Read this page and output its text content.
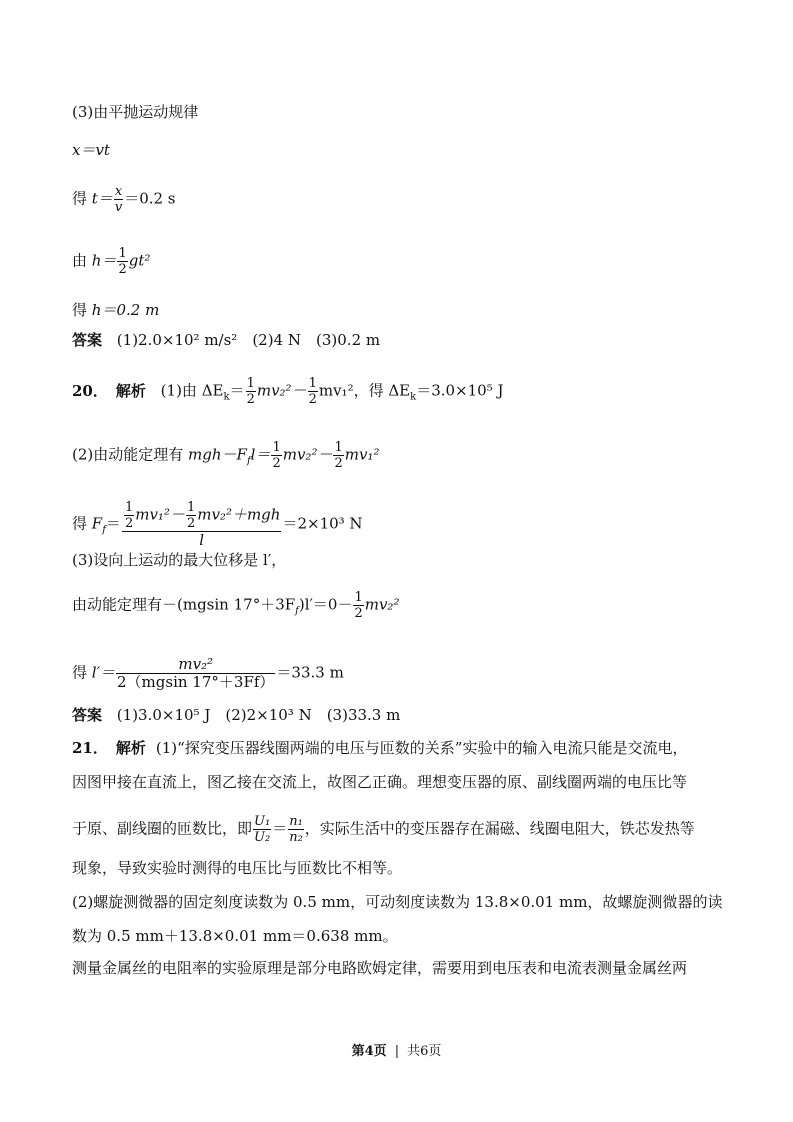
(3)由平抛运动规律
x＝vt
得 $t= \frac{x}{v} =0.2$ s
由 $h= \frac{1}{2} gt^2$
得 h＝0.2 m
答案 (1)2.0×10² m/s²　(2)4 N　(3)0.2 m
20． 解析 (1)由 $\Delta E_k= \frac{1}{2} mv_2^2- \frac{1}{2} mv_1^2$，得 $\Delta E_k=3.0\times 10^5$ J
(2)由动能定理有 $mgh-F_fl= \frac{1}{2} mv_2^2- \frac{1}{2} mv_1^2$
得 $F_f= \frac{1}{2} mv_1^2- \frac{1}{2} mv_2^2+mgh$
l
＝2×10³ N
(3)设向上运动的最大位移是 l′，
由动能定理有－(mgsin $17^\circ+3F_f)l'=0- \frac{1}{2} mv_2^2$
得 $l'= \frac{\text{mv₂²}}{2(mgsin 17^\circ+3Ff)} =33.3$ m
答案 (1)3.0×10⁵ J　(2)2×10³ N　(3)33.3 m
21． 解析 (1)“探究变压器线圈两端的电压与匝数的关系”实验中的输入电流只能是交流电，
因图甲接在直流上，图乙接在交流上，故图乙正确。理想变压器的原、副线圈两端的电压比等
于原、副线圈的匝数比，即 $\frac{\text{U₁}}{\text{U₂}} = \frac{\text{n₁}}{\text{n₂}}$ ，实际生活中的变压器存在漏磁、线圈电阻大，铁芯发热等
现象，导致实验时测得的电压比与匝数比不相等。
(2)螺旋测微器的固定刻度读数为 0.5 mm，可动刻度读数为 13.8×0.01 mm，故螺旋测微器的读
数为 0.5 mm＋13.8×0.01 mm＝0.638 mm。
测量金属丝的电阻率的实验原理是部分电路欧姆定律，需要用到电压表和电流表测量金属丝两
第4页 | 共6页
